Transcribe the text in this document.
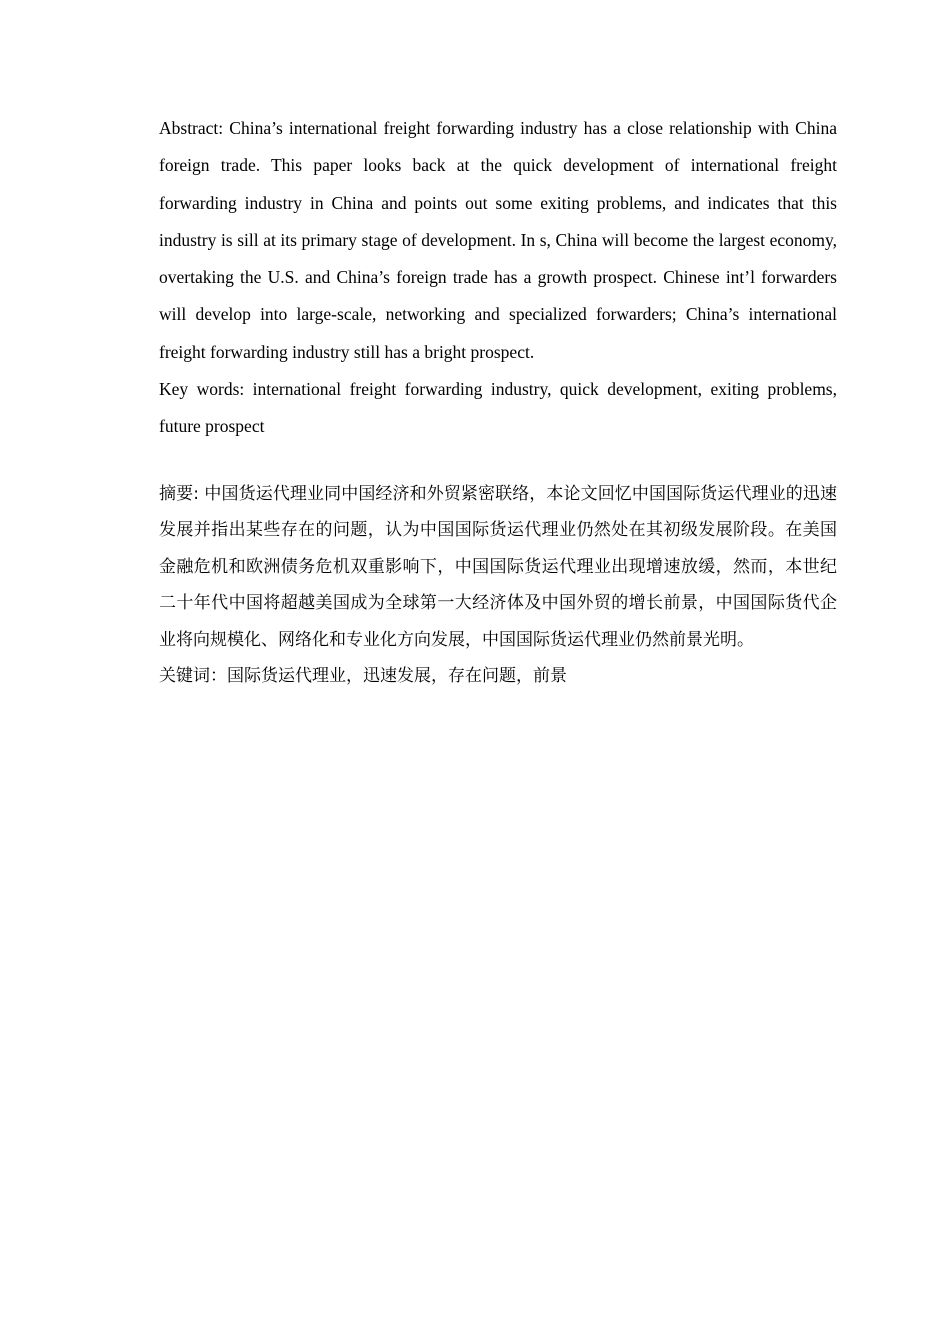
Abstract: China’s international freight forwarding industry has a close relationship with China foreign trade. This paper looks back at the quick development of international freight forwarding industry in China and points out some exiting problems, and indicates that this industry is sill at its primary stage of development. In s, China will become the largest economy, overtaking the U.S. and China’s foreign trade has a growth prospect. Chinese int’l forwarders will develop into large-scale, networking and specialized forwarders; China’s international freight forwarding industry still has a bright prospect.

Key words: international freight forwarding industry, quick development, exiting problems, future prospect

摘要: 中国货运代理业同中国经济和外贸紧密联络，本论文回忆中国国际货运代理业的迅速发展并指出某些存在的问题，认为中国国际货运代理业仍然处在其初级发展阶段。在美国金融危机和欧洲债务危机双重影响下，中国国际货运代理业出现增速放缓，然而，本世纪二十年代中国将超越美国成为全球第一大经济体及中国外贸的增长前景，中国国际货代企业将向规模化、网络化和专业化方向发展，中国国际货运代理业仍然前景光明。

关键词：国际货运代理业，迅速发展，存在问题，前景
